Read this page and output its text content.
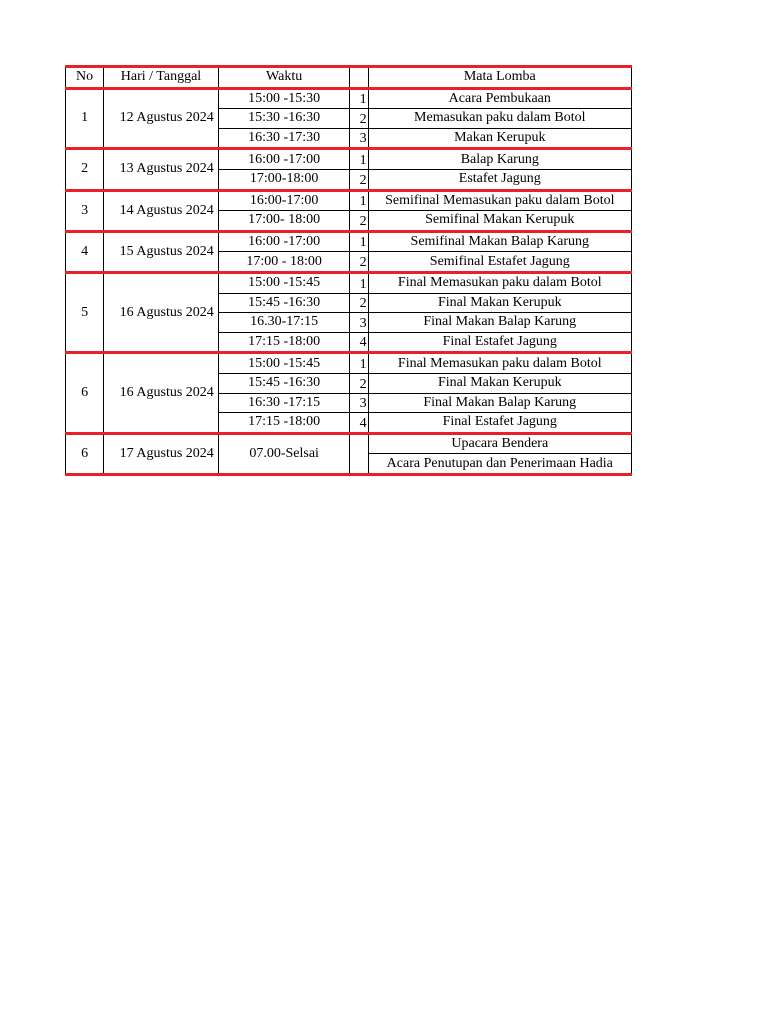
No	Hari / Tanggal	Waktu		Mata Lomba
1	12 Agustus 2024	15:00 -15:30	1	Acara Pembukaan
		15:30 -16:30	2	Memasukan paku dalam Botol
		16:30 -17:30	3	Makan Kerupuk
2	13 Agustus 2024	16:00 -17:00	1	Balap Karung
		17:00-18:00	2	Estafet Jagung
3	14 Agustus 2024	16:00-17:00	1	Semifinal Memasukan paku dalam Botol
		17:00- 18:00	2	Semifinal Makan Kerupuk
4	15 Agustus 2024	16:00 -17:00	1	Semifinal Makan Balap Karung
		17:00 - 18:00	2	Semifinal Estafet Jagung
5	16 Agustus 2024	15:00 -15:45	1	Final Memasukan paku dalam Botol
		15:45 -16:30	2	Final Makan Kerupuk
		16.30-17:15	3	Final Makan Balap Karung
		17:15 -18:00	4	Final Estafet Jagung
6	16 Agustus 2024	15:00 -15:45	1	Final Memasukan paku dalam Botol
		15:45 -16:30	2	Final Makan Kerupuk
		16:30 -17:15	3	Final Makan Balap Karung
		17:15 -18:00	4	Final Estafet Jagung
6	17 Agustus 2024	07.00-Selsai		Upacara Bendera
				Acara Penutupan dan Penerimaan Hadia
